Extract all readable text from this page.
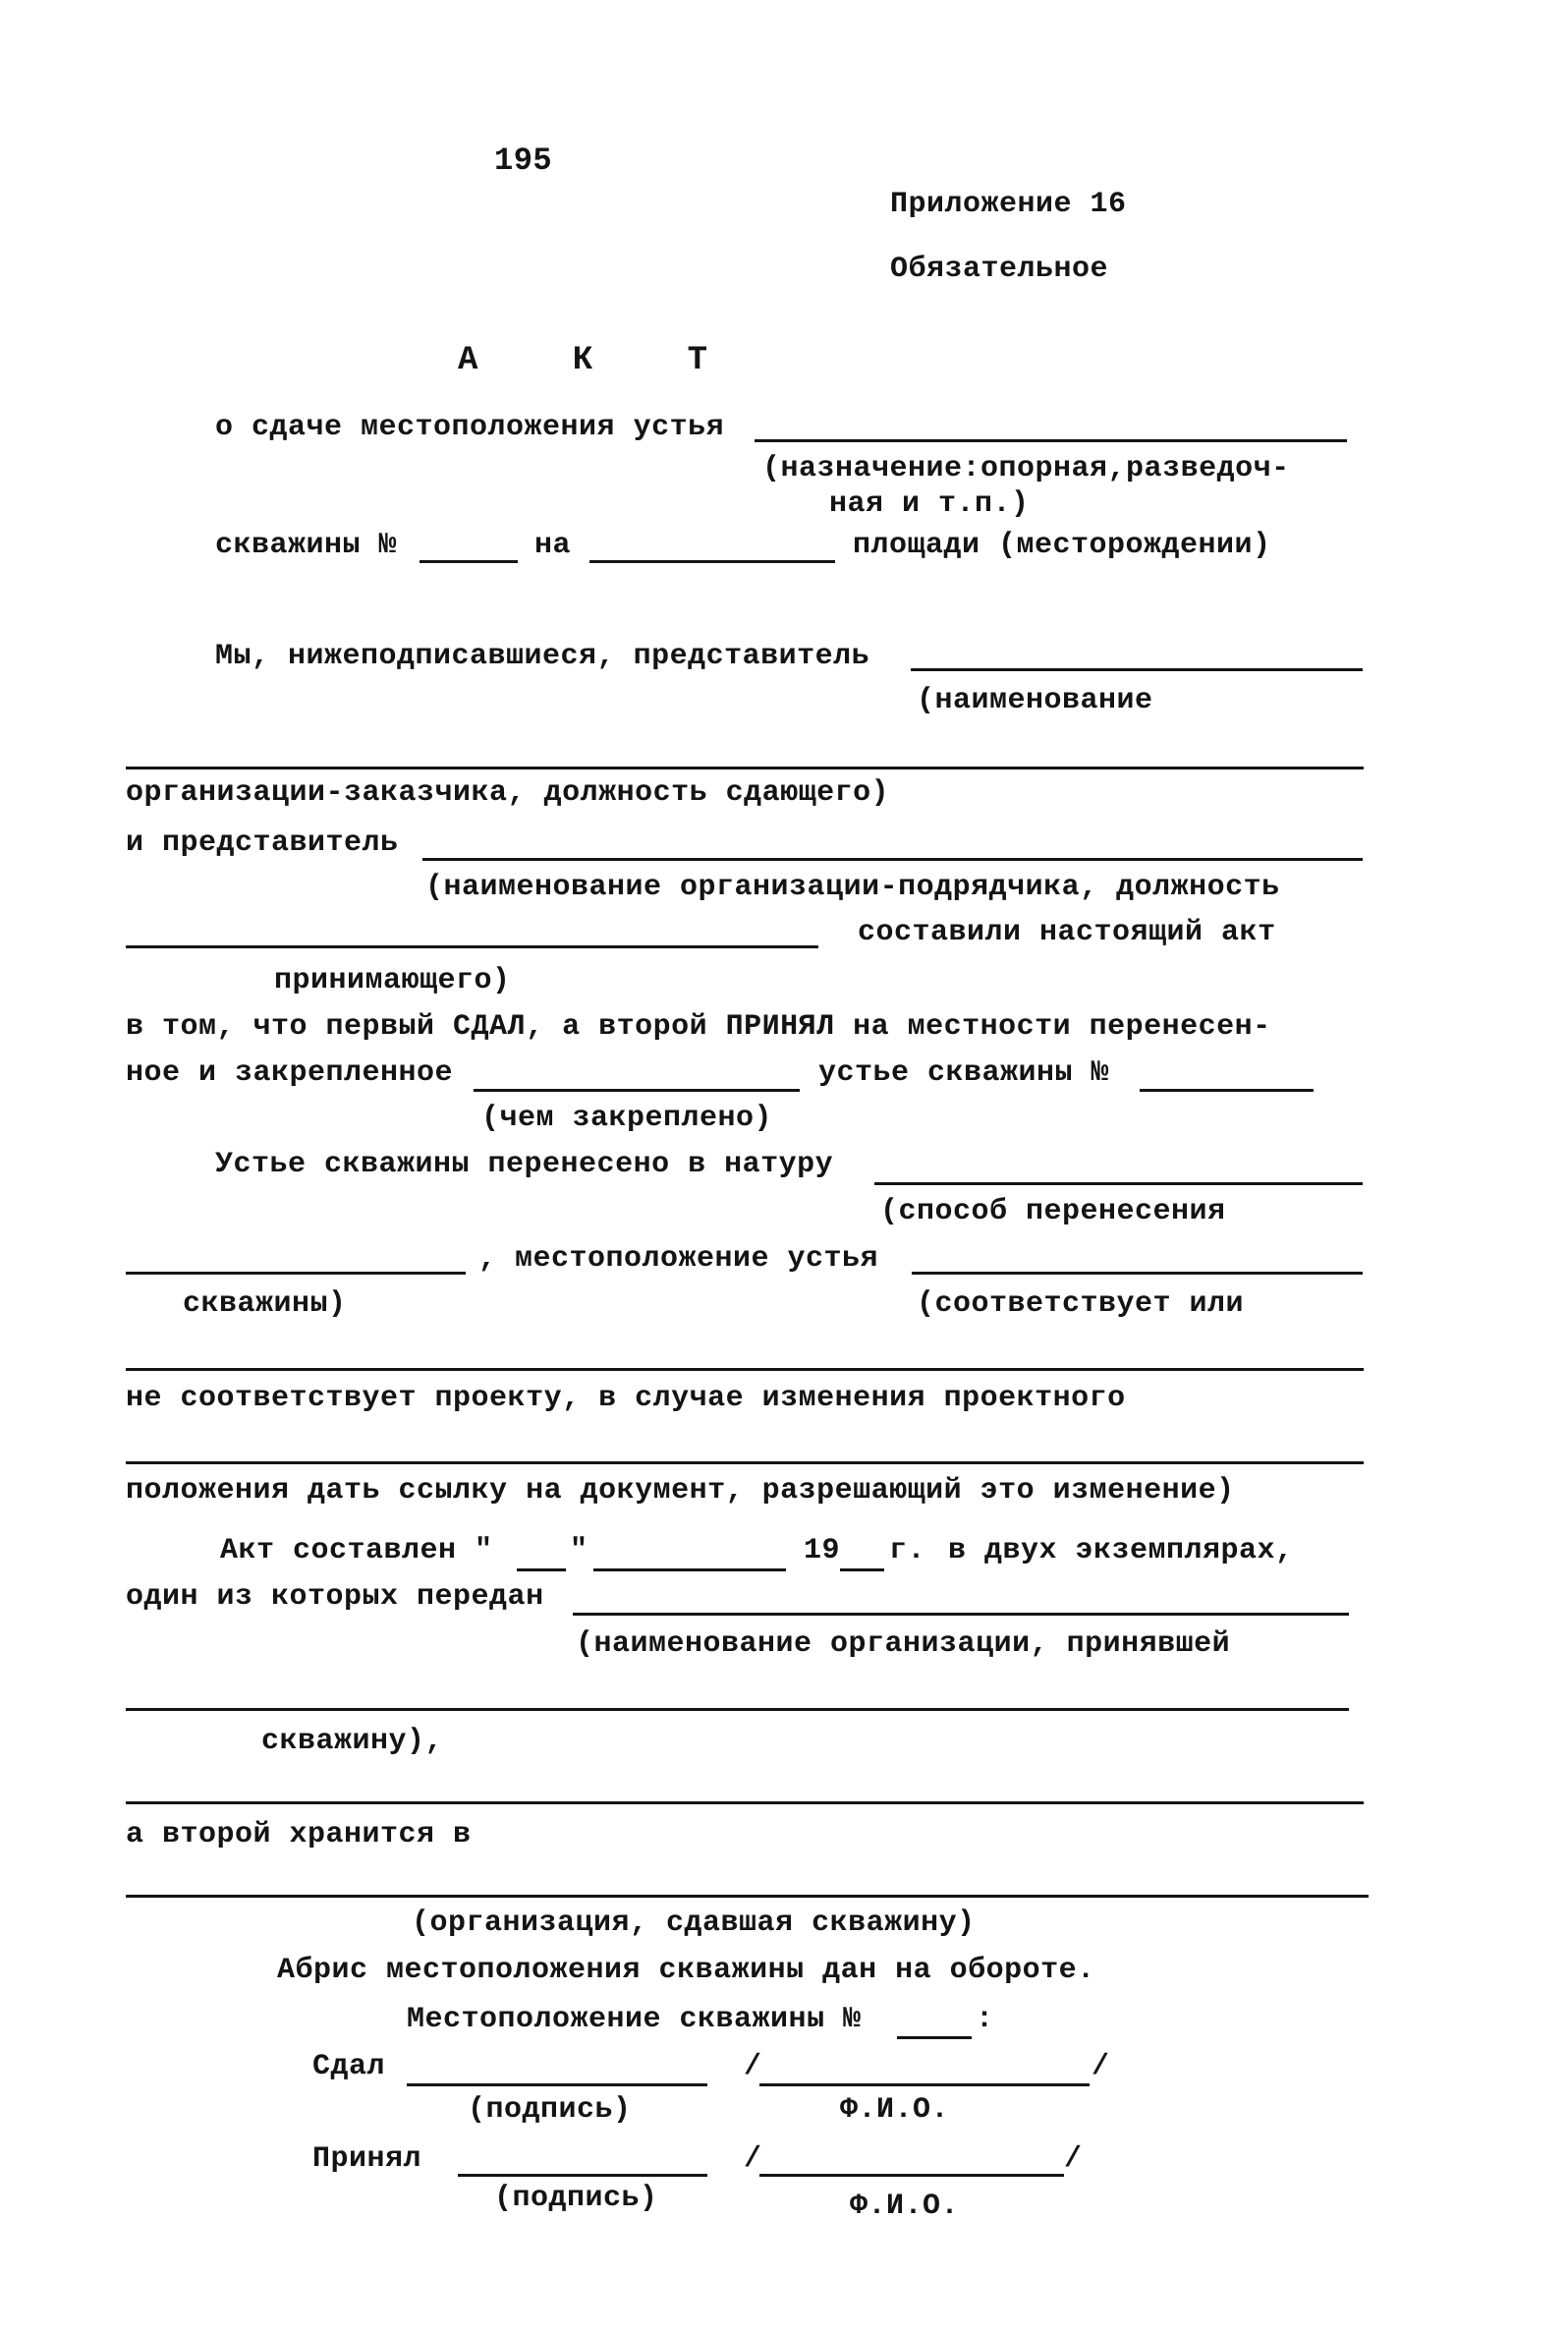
195
Приложение 16
Обязательное
А К Т
о сдаче местоположения устья
(назначение:опорная,разведоч-
ная и т.п.)
скважины №	на	площади (месторождении)
Мы, нижеподписавшиеся, представитель
(наименование
организации-заказчика, должность сдающего)
и представитель
(наименование организации-подрядчика, должность
составили настоящий акт
принимающего)
в том, что первый СДАЛ, а второй ПРИНЯЛ на местности перенесен-
ное и закрепленное	устье скважины №
(чем закреплено)
Устье скважины перенесено в натуру
(способ перенесения
, местоположение устья
скважины)	(соответствует или
не соответствует проекту, в случае изменения проектного
положения дать ссылку на документ, разрешающий это изменение)
Акт составлен "	"	19 г. в двух экземплярах,
один из которых передан
(наименование организации, принявшей
скважину),
а второй хранится в
(организация, сдавшая скважину)
Абрис местоположения скважины дан на обороте.
Местоположение скважины №	:
Сдал	/	/
(подпись)	Ф.И.О.
Принял	/	/
(подпись)	Ф.И.О.
